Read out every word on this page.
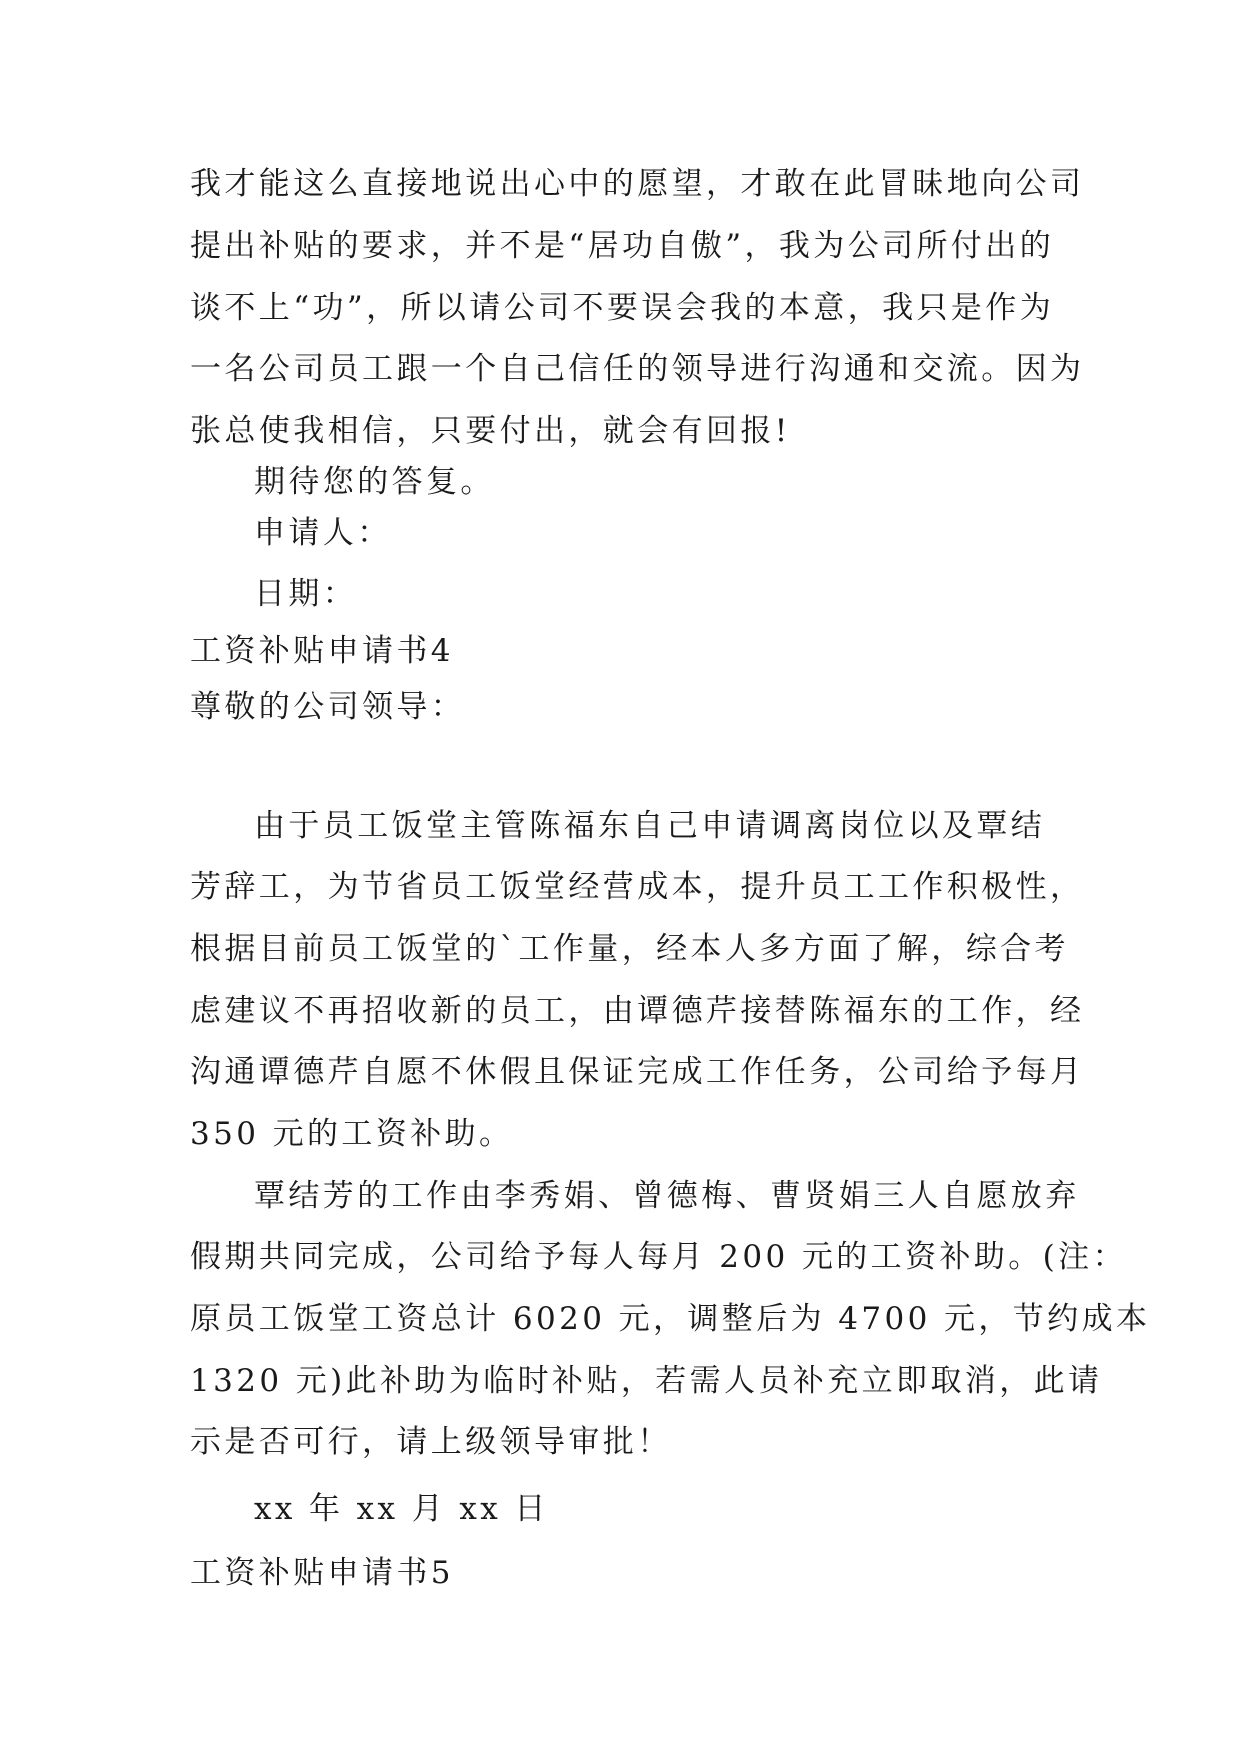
我才能这么直接地说出心中的愿望，才敢在此冒昧地向公司
提出补贴的要求，并不是“居功自傲”，我为公司所付出的
谈不上“功”，所以请公司不要误会我的本意，我只是作为
一名公司员工跟一个自己信任的领导进行沟通和交流。因为
张总使我相信，只要付出，就会有回报!
期待您的答复。
申请人：
日期：
工资补贴申请书4
尊敬的公司领导：
由于员工饭堂主管陈福东自己申请调离岗位以及覃结
芳辞工，为节省员工饭堂经营成本，提升员工工作积极性，
根据目前员工饭堂的`工作量，经本人多方面了解，综合考
虑建议不再招收新的员工，由谭德芹接替陈福东的工作，经
沟通谭德芹自愿不休假且保证完成工作任务，公司给予每月
350 元的工资补助。
覃结芳的工作由李秀娟、曾德梅、曹贤娟三人自愿放弃
假期共同完成，公司给予每人每月 200 元的工资补助。(注：
原员工饭堂工资总计 6020 元，调整后为 4700 元，节约成本
1320 元)此补助为临时补贴，若需人员补充立即取消，此请
示是否可行，请上级领导审批！
xx 年 xx 月 xx 日
工资补贴申请书5
